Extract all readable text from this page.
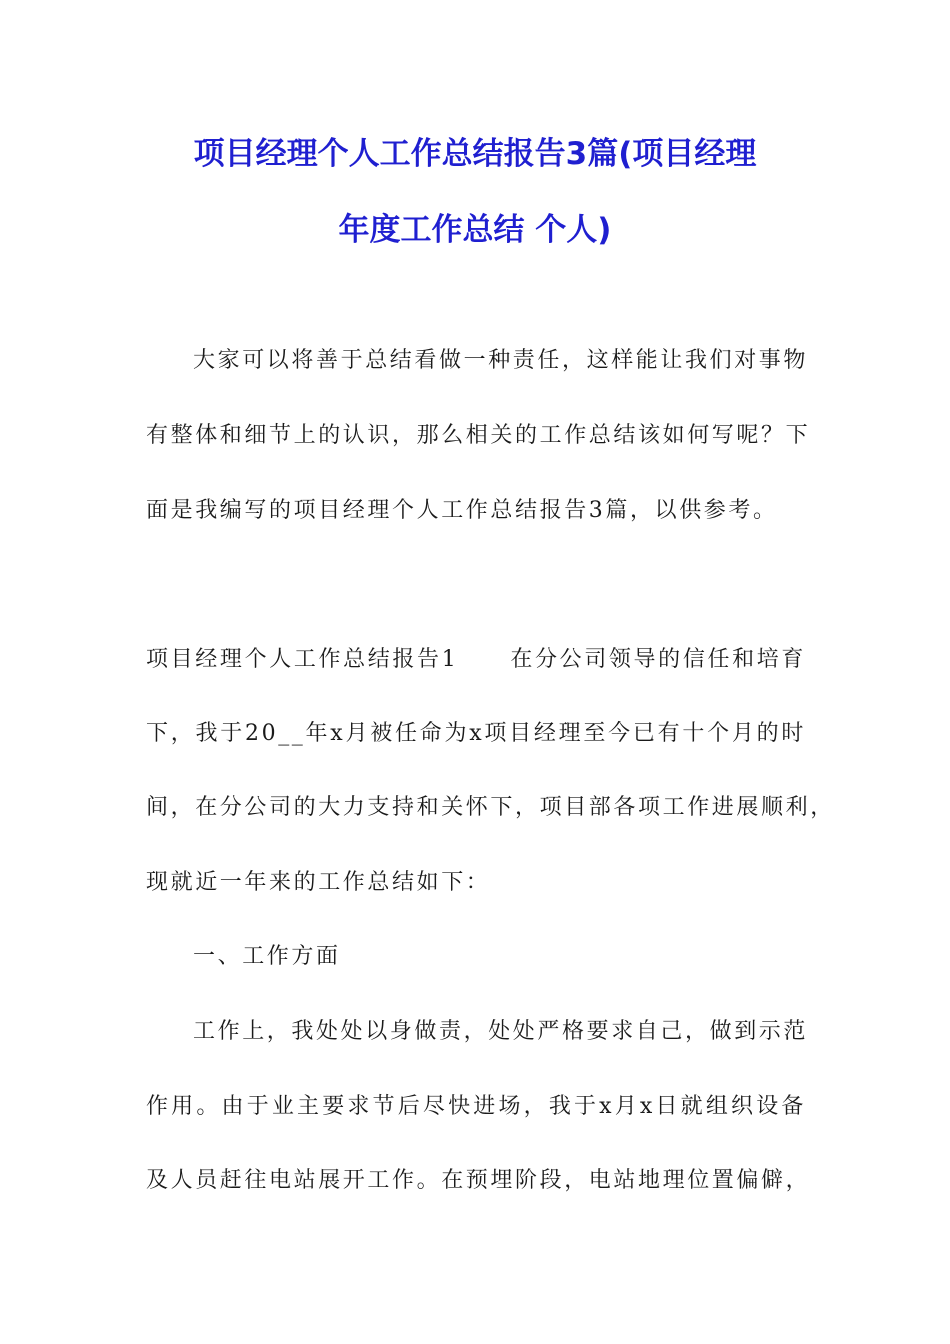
项目经理个人工作总结报告3篇(项目经理
年度工作总结 个人)
大家可以将善于总结看做一种责任，这样能让我们对事物
有整体和细节上的认识，那么相关的工作总结该如何写呢？下
面是我编写的项目经理个人工作总结报告3篇，以供参考。
项目经理个人工作总结报告1 在分公司领导的信任和培育
下，我于20__年x月被任命为x项目经理至今已有十个月的时
间，在分公司的大力支持和关怀下，项目部各项工作进展顺利，
现就近一年来的工作总结如下：
一、工作方面
工作上，我处处以身做责，处处严格要求自己，做到示范
作用。由于业主要求节后尽快进场，我于x月x日就组织设备
及人员赶往电站展开工作。在预埋阶段，电站地理位置偏僻，
